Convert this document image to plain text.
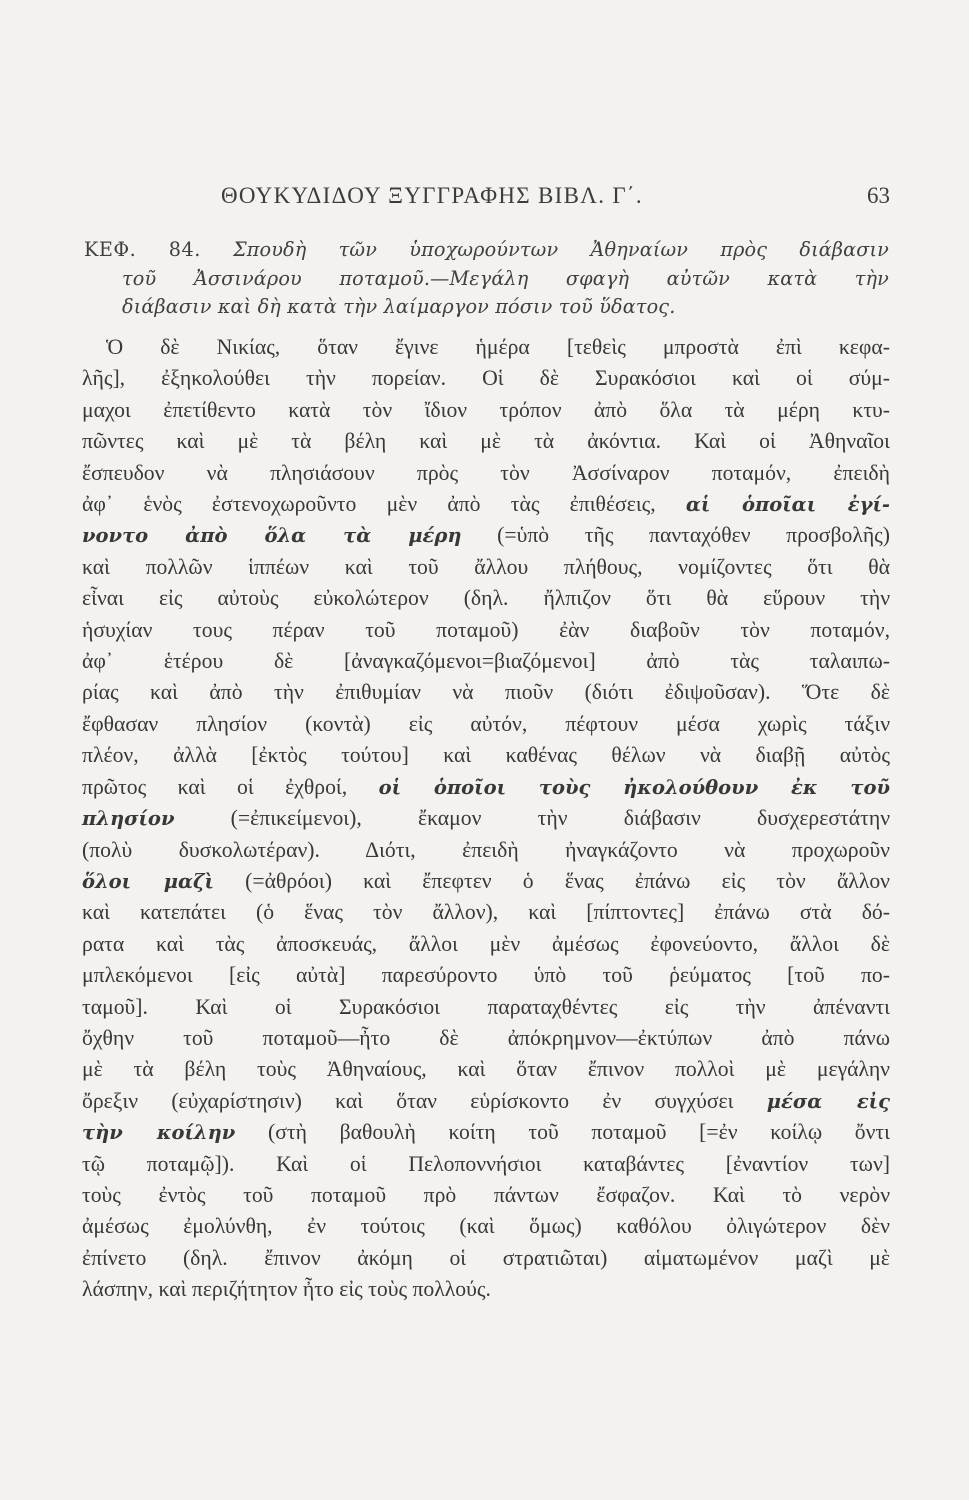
ΘΟΥΚΥΔΙΔΟΥ ΞΥΓΓΡΑΦΗΣ ΒΙΒΛ. Γ΄.	63
ΚΕΦ. 84. Σπουδὴ τῶν ὑποχωρούντων Ἀθηναίων πρὸς διάβασιν
τοῦ Ἀσσινάρου ποταμοῦ.—Μεγάλη σφαγὴ αὐτῶν κατὰ τὴν
διάβασιν καὶ δὴ κατὰ τὴν λαίμαργον πόσιν τοῦ ὕδατος.
Ὁ δὲ Νικίας, ὅταν ἔγινε ἡμέρα [τεθεὶς μπροστὰ ἐπὶ κεφα-
λῆς], ἐξηκολούθει τὴν πορείαν. Οἱ δὲ Συρακόσιοι καὶ οἱ σύμ-
μαχοι ἐπετίθεντο κατὰ τὸν ἴδιον τρόπον ἀπὸ ὅλα τὰ μέρη κτυ-
πῶντες καὶ μὲ τὰ βέλη καὶ μὲ τὰ ἀκόντια. Καὶ οἱ Ἀθηναῖοι
ἔσπευδον νὰ πλησιάσουν πρὸς τὸν Ἀσσίναρον ποταμόν, ἐπειδὴ
ἀφ᾿ ἑνὸς ἐστενοχωροῦντο μὲν ἀπὸ τὰς ἐπιθέσεις, αἱ ὁποῖαι ἐγί-
νοντο ἀπὸ ὅλα τὰ μέρη (=ὑπὸ τῆς πανταχόθεν προσβολῆς)
καὶ πολλῶν ἱππέων καὶ τοῦ ἄλλου πλήθους, νομίζοντες ὅτι θὰ
εἶναι εἰς αὐτοὺς εὐκολώτερον (δηλ. ἤλπιζον ὅτι θὰ εὕρουν τὴν
ἡσυχίαν τους πέραν τοῦ ποταμοῦ) ἐὰν διαβοῦν τὸν ποταμόν,
ἀφ᾿ ἑτέρου δὲ [ἀναγκαζόμενοι=βιαζόμενοι] ἀπὸ τὰς ταλαιπω-
ρίας καὶ ἀπὸ τὴν ἐπιθυμίαν νὰ πιοῦν (διότι ἐδιψοῦσαν). Ὅτε δὲ
ἔφθασαν πλησίον (κοντὰ) εἰς αὐτόν, πέφτουν μέσα χωρὶς τάξιν
πλέον, ἀλλὰ [ἐκτὸς τούτου] καὶ καθένας θέλων νὰ διαβῇ αὐτὸς
πρῶτος καὶ οἱ ἐχθροί, οἱ ὁποῖοι τοὺς ἠκολούθουν ἐκ τοῦ
πλησίον (=ἐπικείμενοι), ἔκαμον τὴν διάβασιν δυσχερεστάτην
(πολὺ δυσκολωτέραν). Διότι, ἐπειδὴ ἠναγκάζοντο νὰ προχωροῦν
ὅλοι μαζὶ (=ἀθρόοι) καὶ ἔπεφτεν ὁ ἕνας ἐπάνω εἰς τὸν ἄλλον
καὶ κατεπάτει (ὁ ἕνας τὸν ἄλλον), καὶ [πίπτοντες] ἐπάνω στὰ δό-
ρατα καὶ τὰς ἀποσκευάς, ἄλλοι μὲν ἀμέσως ἐφονεύοντο, ἄλλοι δὲ
μπλεκόμενοι [εἰς αὐτὰ] παρεσύροντο ὑπὸ τοῦ ῥεύματος [τοῦ πο-
ταμοῦ]. Καὶ οἱ Συρακόσιοι παραταχθέντες εἰς τὴν ἀπέναντι
ὄχθην τοῦ ποταμοῦ—ἦτο δὲ ἀπόκρημνον—ἐκτύπων ἀπὸ πάνω
μὲ τὰ βέλη τοὺς Ἀθηναίους, καὶ ὅταν ἔπινον πολλοὶ μὲ μεγάλην
ὄρεξιν (εὐχαρίστησιν) καὶ ὅταν εὑρίσκοντο ἐν συγχύσει μέσα εἰς
τὴν κοίλην (στὴ βαθουλὴ κοίτη τοῦ ποταμοῦ [=ἐν κοίλῳ ὄντι
τῷ ποταμῷ]). Καὶ οἱ Πελοποννήσιοι καταβάντες [ἐναντίον των]
τοὺς ἐντὸς τοῦ ποταμοῦ πρὸ πάντων ἔσφαζον. Καὶ τὸ νερὸν
ἀμέσως ἐμολύνθη, ἐν τούτοις (καὶ ὅμως) καθόλου ὀλιγώτερον δὲν
ἐπίνετο (δηλ. ἔπινον ἀκόμη οἱ στρατιῶται) αἱματωμένον μαζὶ μὲ
λάσπην, καὶ περιζήτητον ἦτο εἰς τοὺς πολλούς.
